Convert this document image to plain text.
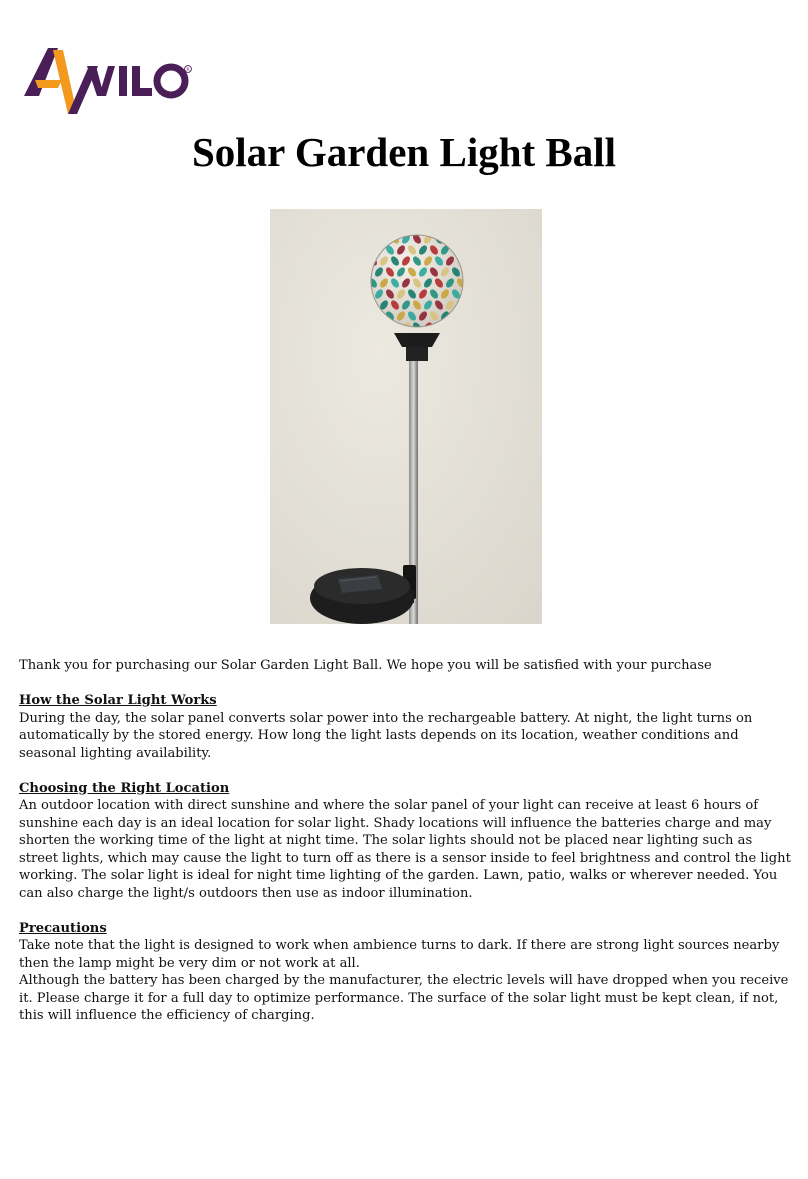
R
Solar Garden Light Ball

Thank you for purchasing our Solar Garden Light Ball. We hope you will be satisfied with your purchase

How the Solar Light Works

During the day, the solar panel converts solar power into the rechargeable battery. At night, the light turns on automatically by the stored energy. How long the light lasts depends on its location, weather conditions and seasonal lighting availability.

Choosing the Right Location

An outdoor location with direct sunshine and where the solar panel of your light can receive at least 6 hours of sunshine each day is an ideal location for solar light. Shady locations will influence the batteries charge and may shorten the working time of the light at night time. The solar lights should not be placed near lighting such as street lights, which may cause the light to turn off as there is a sensor inside to feel brightness and control the light working. The solar light is ideal for night time lighting of the garden. Lawn, patio, walks or wherever needed. You can also charge the light/s outdoors then use as indoor illumination.

Precautions

Take note that the light is designed to work when ambience turns to dark. If there are strong light sources nearby then the lamp might be very dim or not work at all.

Although the battery has been charged by the manufacturer, the electric levels will have dropped when you receive it. Please charge it for a full day to optimize performance. The surface of the solar light must be kept clean, if not, this will influence the efficiency of charging.
